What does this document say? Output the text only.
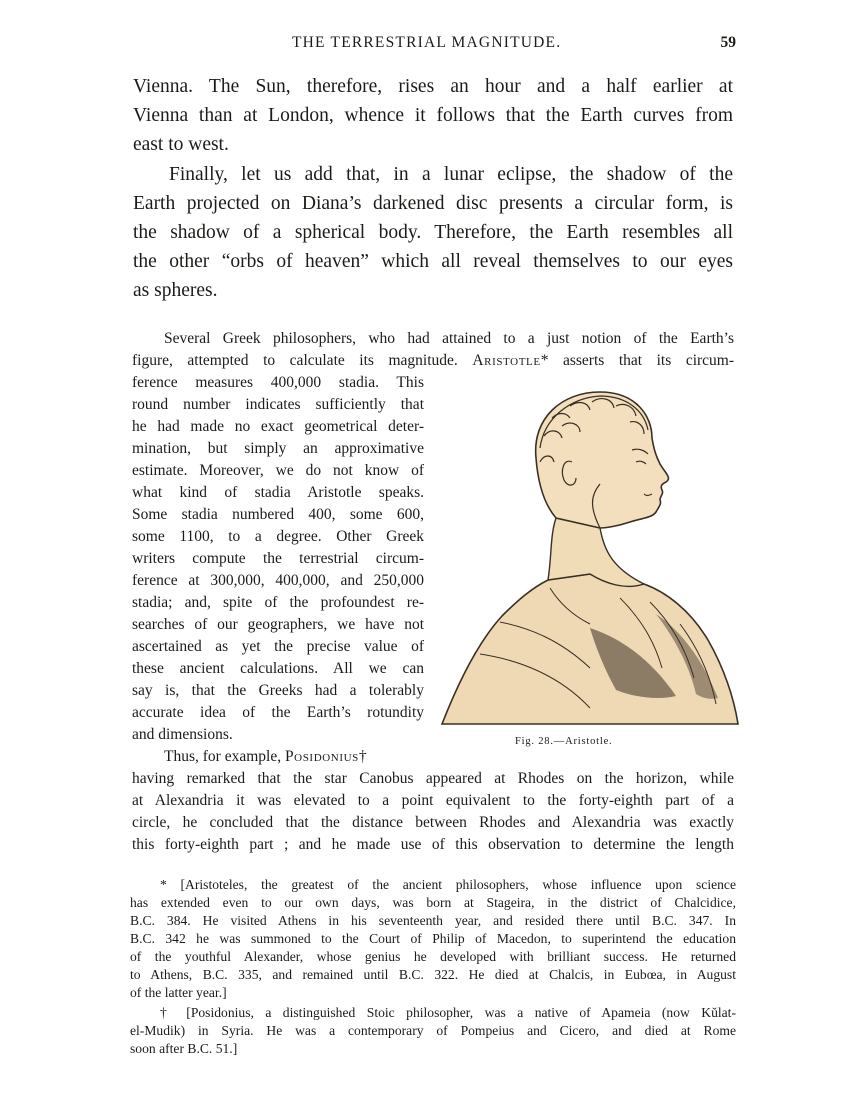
THE TERRESTRIAL MAGNITUDE.	59
Vienna. The Sun, therefore, rises an hour and a half earlier at
Vienna than at London, whence it follows that the Earth curves from
east to west.
Finally, let us add that, in a lunar eclipse, the shadow of the
Earth projected on Diana’s darkened disc presents a circular form, is
the shadow of a spherical body. Therefore, the Earth resembles all
the other “orbs of heaven” which all reveal themselves to our eyes
as spheres.
Several Greek philosophers, who had attained to a just notion of the Earth’s
figure, attempted to calculate its magnitude. Aristotle* asserts that its circum-
ference measures 400,000 stadia. This
round number indicates sufficiently that
he had made no exact geometrical deter-
mination, but simply an approximative
estimate. Moreover, we do not know of
what kind of stadia Aristotle speaks.
Some stadia numbered 400, some 600,
some 1100, to a degree. Other Greek
writers compute the terrestrial circum-
ference at 300,000, 400,000, and 250,000
stadia; and, spite of the profoundest re-
searches of our geographers, we have not
ascertained as yet the precise value of
these ancient calculations. All we can
say is, that the Greeks had a tolerably
accurate idea of the Earth’s rotundity
and dimensions.
Thus, for example, Posidonius†
having remarked that the star Canobus appeared at Rhodes on the horizon, while
at Alexandria it was elevated to a point equivalent to the forty-eighth part of a
circle, he concluded that the distance between Rhodes and Alexandria was exactly
this forty-eighth part ; and he made use of this observation to determine the length
Fig. 28.—Aristotle.
* [Aristoteles, the greatest of the ancient philosophers, whose influence upon science
has extended even to our own days, was born at Stageira, in the district of Chalcidice,
B.C. 384. He visited Athens in his seventeenth year, and resided there until B.C. 347. In
B.C. 342 he was summoned to the Court of Philip of Macedon, to superintend the education
of the youthful Alexander, whose genius he developed with brilliant success. He returned
to Athens, B.C. 335, and remained until B.C. 322. He died at Chalcis, in Eubœa, in August
of the latter year.]
† [Posidonius, a distinguished Stoic philosopher, was a native of Apameia (now Kŭlat-
el-Mudik) in Syria. He was a contemporary of Pompeius and Cicero, and died at Rome
soon after B.C. 51.]
